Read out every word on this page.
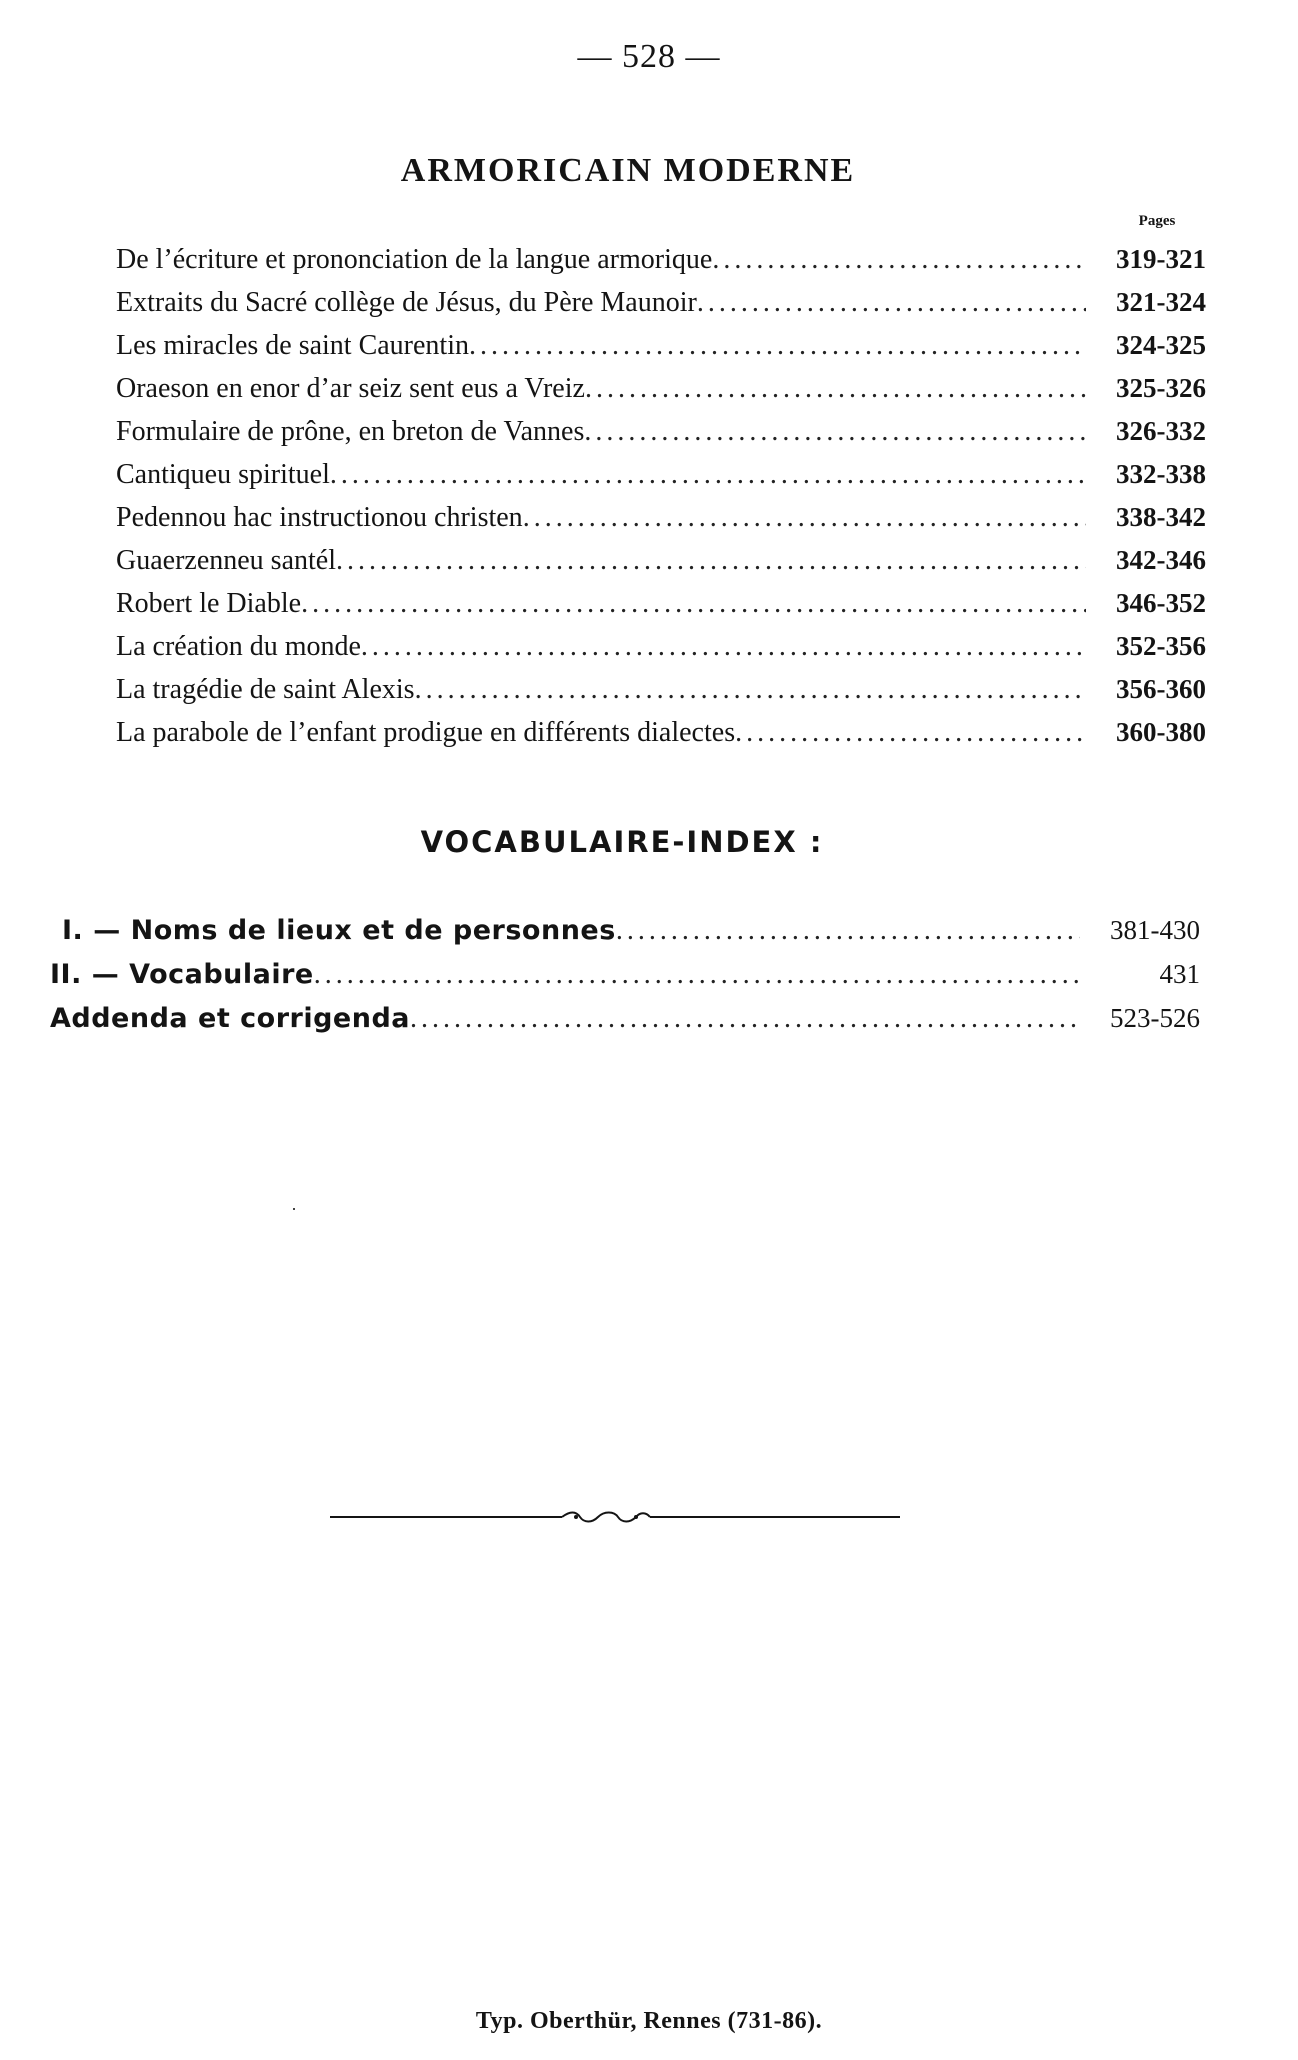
— 528 —
ARMORICAIN MODERNE
Pages
De l’écriture et prononciation de la langue armorique .....	319-321
Extraits du Sacré collège de Jésus, du Père Maunoir .....	321-324
Les miracles de saint Caurentin .....	324-325
Oraeson en enor d’ar seiz sent eus a Vreiz .....	325-326
Formulaire de prône, en breton de Vannes .....	326-332
Cantiqueu spirituel .....	332-338
Pedennou hac instructionou christen .....	338-342
Guaerzenneu santél .....	342-346
Robert le Diable .....	346-352
La création du monde .....	352-356
La tragédie de saint Alexis .....	356-360
La parabole de l’enfant prodigue en différents dialectes .....	360-380
VOCABULAIRE-INDEX :
I. — Noms de lieux et de personnes .....	381-430
II. — Vocabulaire .....	431
Addenda et corrigenda .....	523-526
Typ. Oberthür, Rennes (731-86).
